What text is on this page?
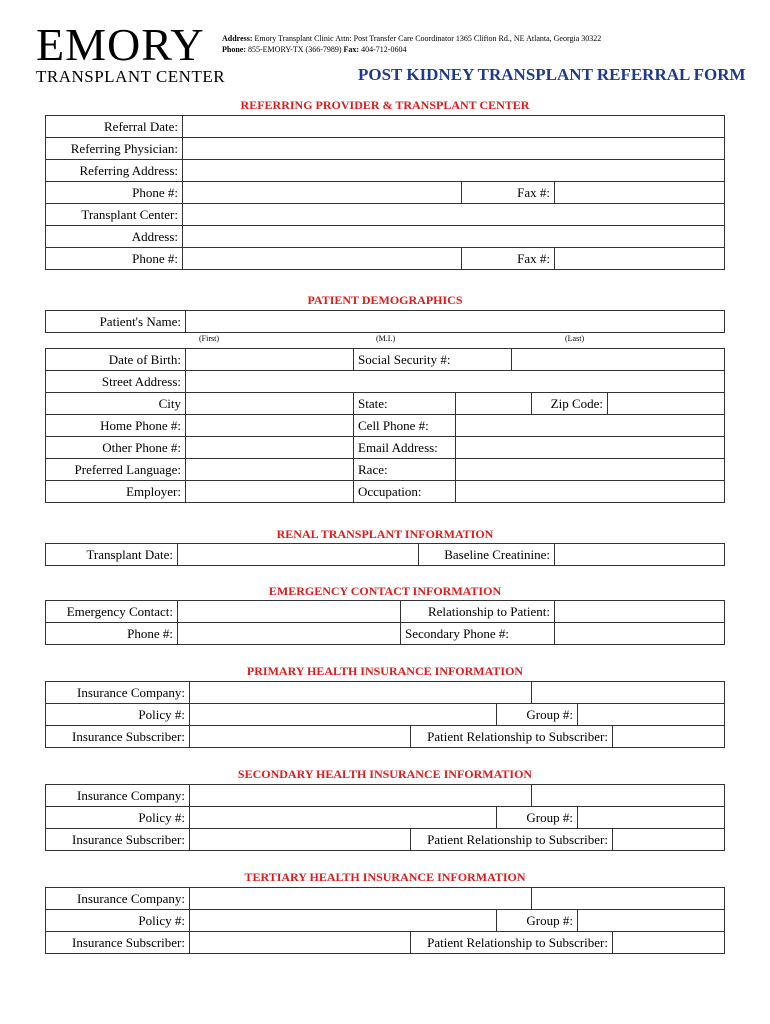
EMORY
TRANSPLANT CENTER
Address: Emory Transplant Clinic Attn: Post Transfer Care Coordinator 1365 Clifton Rd., NE Atlanta, Georgia 30322
Phone: 855-EMORY-TX (366-7989) Fax: 404-712-0604
POST KIDNEY TRANSPLANT REFERRAL FORM
REFERRING PROVIDER & TRANSPLANT CENTER
Referral Date:			
Referring Physician:			
Referring Address:			
Phone #:		Fax #:	
Transplant Center:			
Address:			
Phone #:		Fax #:	
PATIENT DEMOGRAPHICS
Patient's Name:	
(First)	(M.I.)	(Last)
Date of Birth:		Social Security #:				
Street Address:						
City		State:			Zip Code:	
Home Phone #:		Cell Phone #:				
Other Phone #:		Email Address:				
Preferred Language:		Race:				
Employer:		Occupation:				
RENAL TRANSPLANT INFORMATION
Transplant Date:		Baseline Creatinine:	
EMERGENCY CONTACT INFORMATION
Emergency Contact:		Relationship to Patient:	
Phone #:		Secondary Phone #:	
PRIMARY HEALTH INSURANCE INFORMATION
Insurance Company:						
Policy #:			Group #:			
Insurance Subscriber:		Patient Relationship to Subscriber:				
SECONDARY HEALTH INSURANCE INFORMATION
Insurance Company:						
Policy #:			Group #:			
Insurance Subscriber:		Patient Relationship to Subscriber:				
TERTIARY HEALTH INSURANCE INFORMATION
Insurance Company:						
Policy #:			Group #:			
Insurance Subscriber:		Patient Relationship to Subscriber:				
